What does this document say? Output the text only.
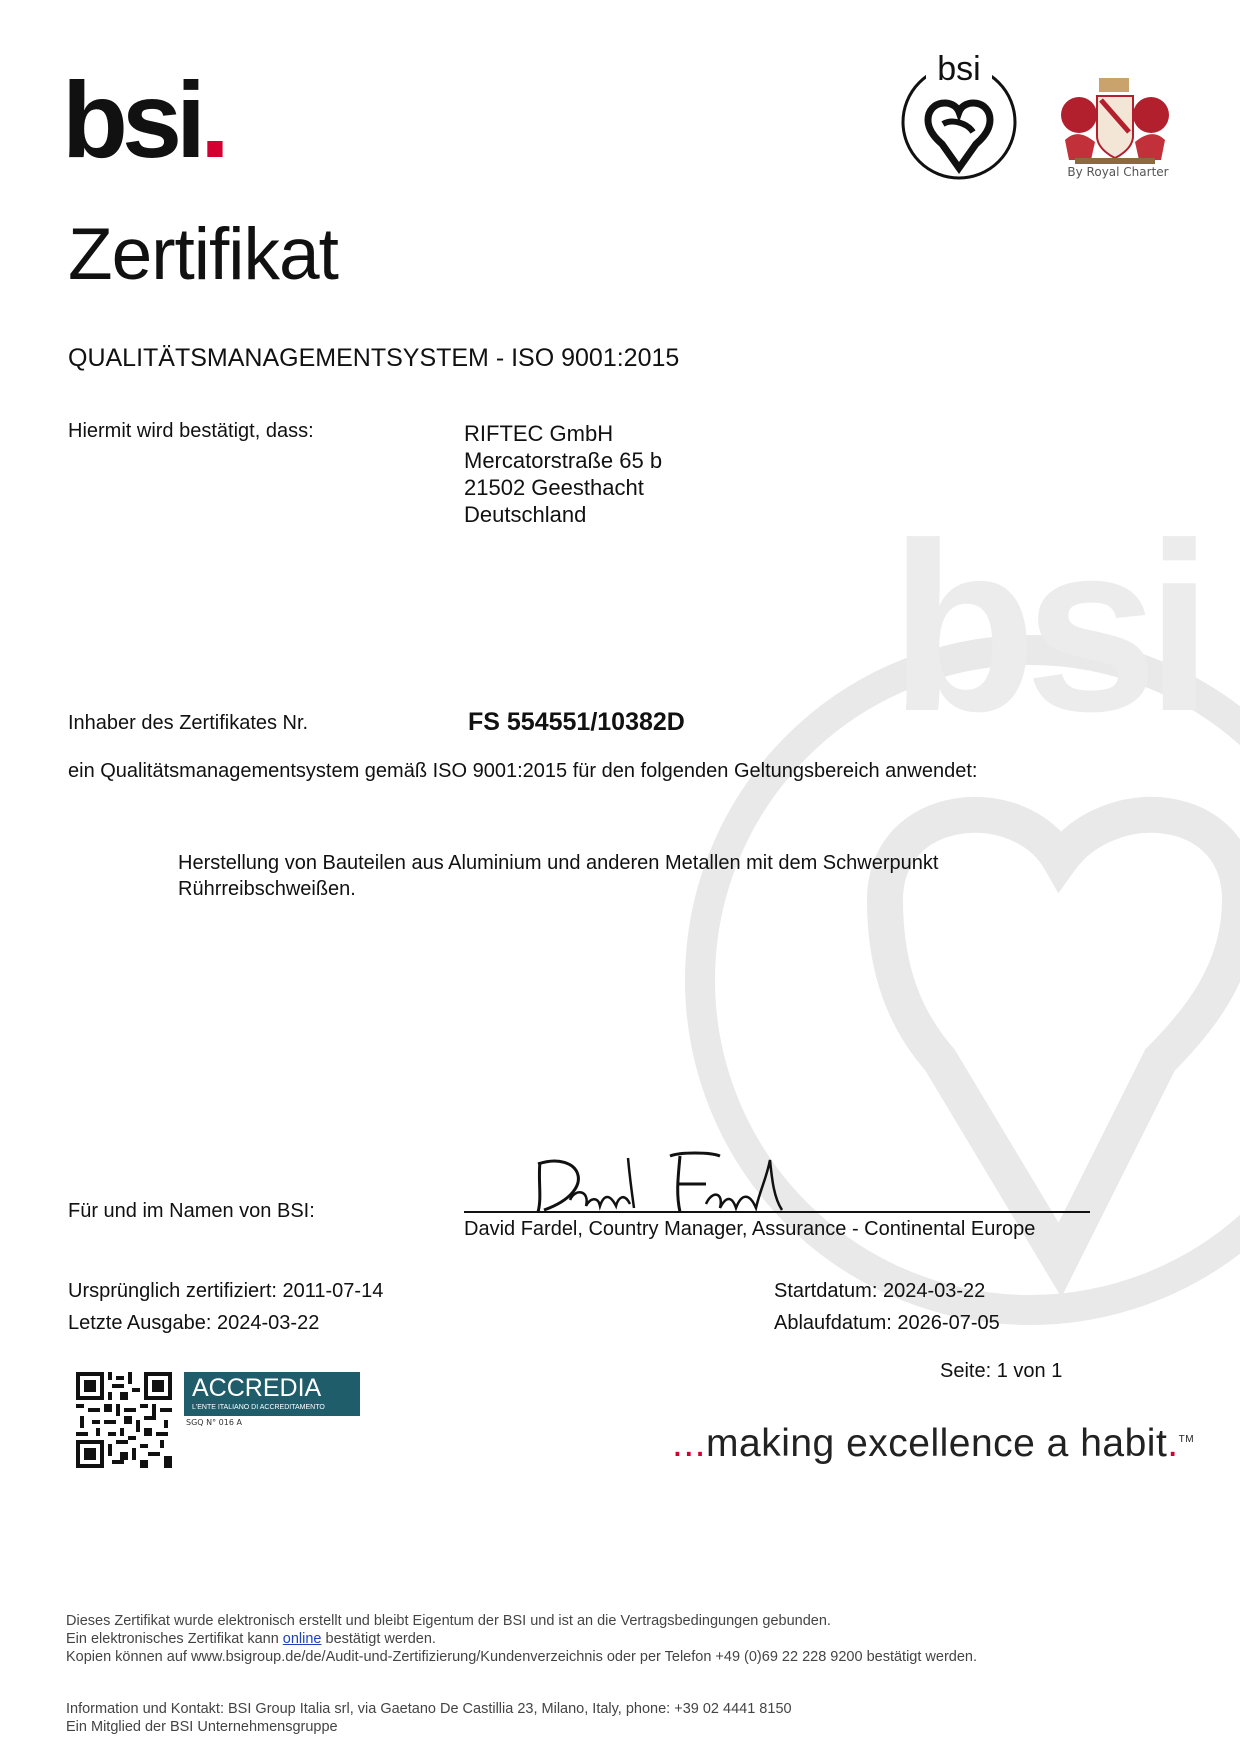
bsi
bsi.	bsi
By Royal Charter
Zertifikat
QUALITÄTSMANAGEMENTSYSTEM - ISO 9001:2015
Hiermit wird bestätigt, dass:	RIFTEC GmbH
Mercatorstraße 65 b
21502 Geesthacht
Deutschland
Inhaber des Zertifikates Nr.	FS 554551/10382D
ein Qualitätsmanagementsystem gemäß ISO 9001:2015 für den folgenden Geltungsbereich anwendet:
Herstellung von Bauteilen aus Aluminium und anderen Metallen mit dem Schwerpunkt Rührreibschweißen.
Für und im Namen von BSI:
David Fardel, Country Manager, Assurance - Continental Europe
Ursprünglich zertifiziert: 2011-07-14
Letzte Ausgabe: 2024-03-22
Startdatum: 2024-03-22
Ablaufdatum: 2026-07-05
Seite: 1 von 1
ACCREDIA
L'ENTE ITALIANO DI ACCREDITAMENTO
SGQ N° 016 A	...making excellence a habit.™
Dieses Zertifikat wurde elektronisch erstellt und bleibt Eigentum der BSI und ist an die Vertragsbedingungen gebunden.
Ein elektronisches Zertifikat kann online bestätigt werden.
Kopien können auf www.bsigroup.de/de/Audit-und-Zertifizierung/Kundenverzeichnis oder per Telefon +49 (0)69 22 228 9200 bestätigt werden.
Information und Kontakt: BSI Group Italia srl, via Gaetano De Castillia 23, Milano, Italy, phone: +39 02 4441 8150
Ein Mitglied der BSI Unternehmensgruppe
